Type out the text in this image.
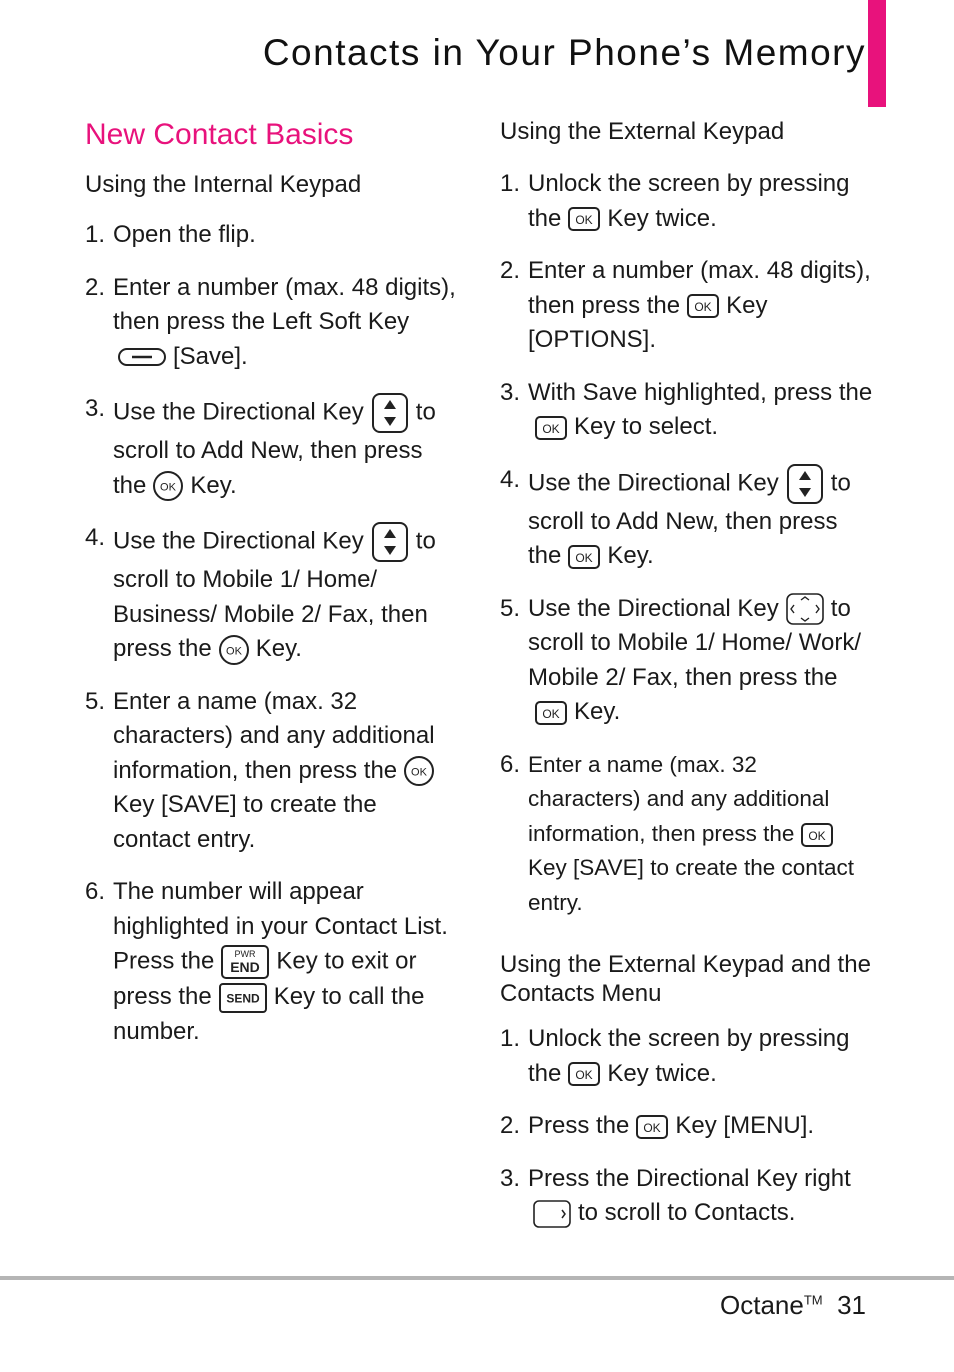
Contacts in Your Phone’s Memory
New Contact Basics
Using the Internal Keypad
1. Open the flip.
2. Enter a number (max. 48 digits), then press the Left Soft Key
[Save].
3. Use the Directional Key to scroll to Add New, then press the OK Key.
4. Use the Directional Key to scroll to Mobile 1/ Home/ Business/ Mobile 2/ Fax, then press the OK Key.
5. Enter a name (max. 32 characters) and any additional information, then press the OK
Key [SAVE] to create the contact entry.
6. The number will appear highlighted in your Contact List. Press the PWR
END Key to exit or press the SEND Key to call the number.
Using the External Keypad
1. Unlock the screen by pressing the OK Key twice.
2. Enter a number (max. 48 digits), then press the OK Key [OPTIONS].
3. With Save highlighted, press the
OK Key to select.
4. Use the Directional Key to scroll to Add New, then press the OK Key.
5. Use the Directional Key to scroll to Mobile 1/ Home/ Work/ Mobile 2/ Fax, then press the
OK Key.
6. Enter a name (max. 32 characters) and any additional information, then press the OK
Key [SAVE] to create the contact entry.
Using the External Keypad and the Contacts Menu
1. Unlock the screen by pressing the OK Key twice.
2. Press the OK Key [MENU].
3. Press the Directional Key right
to scroll to Contacts.
Octane™ 31
